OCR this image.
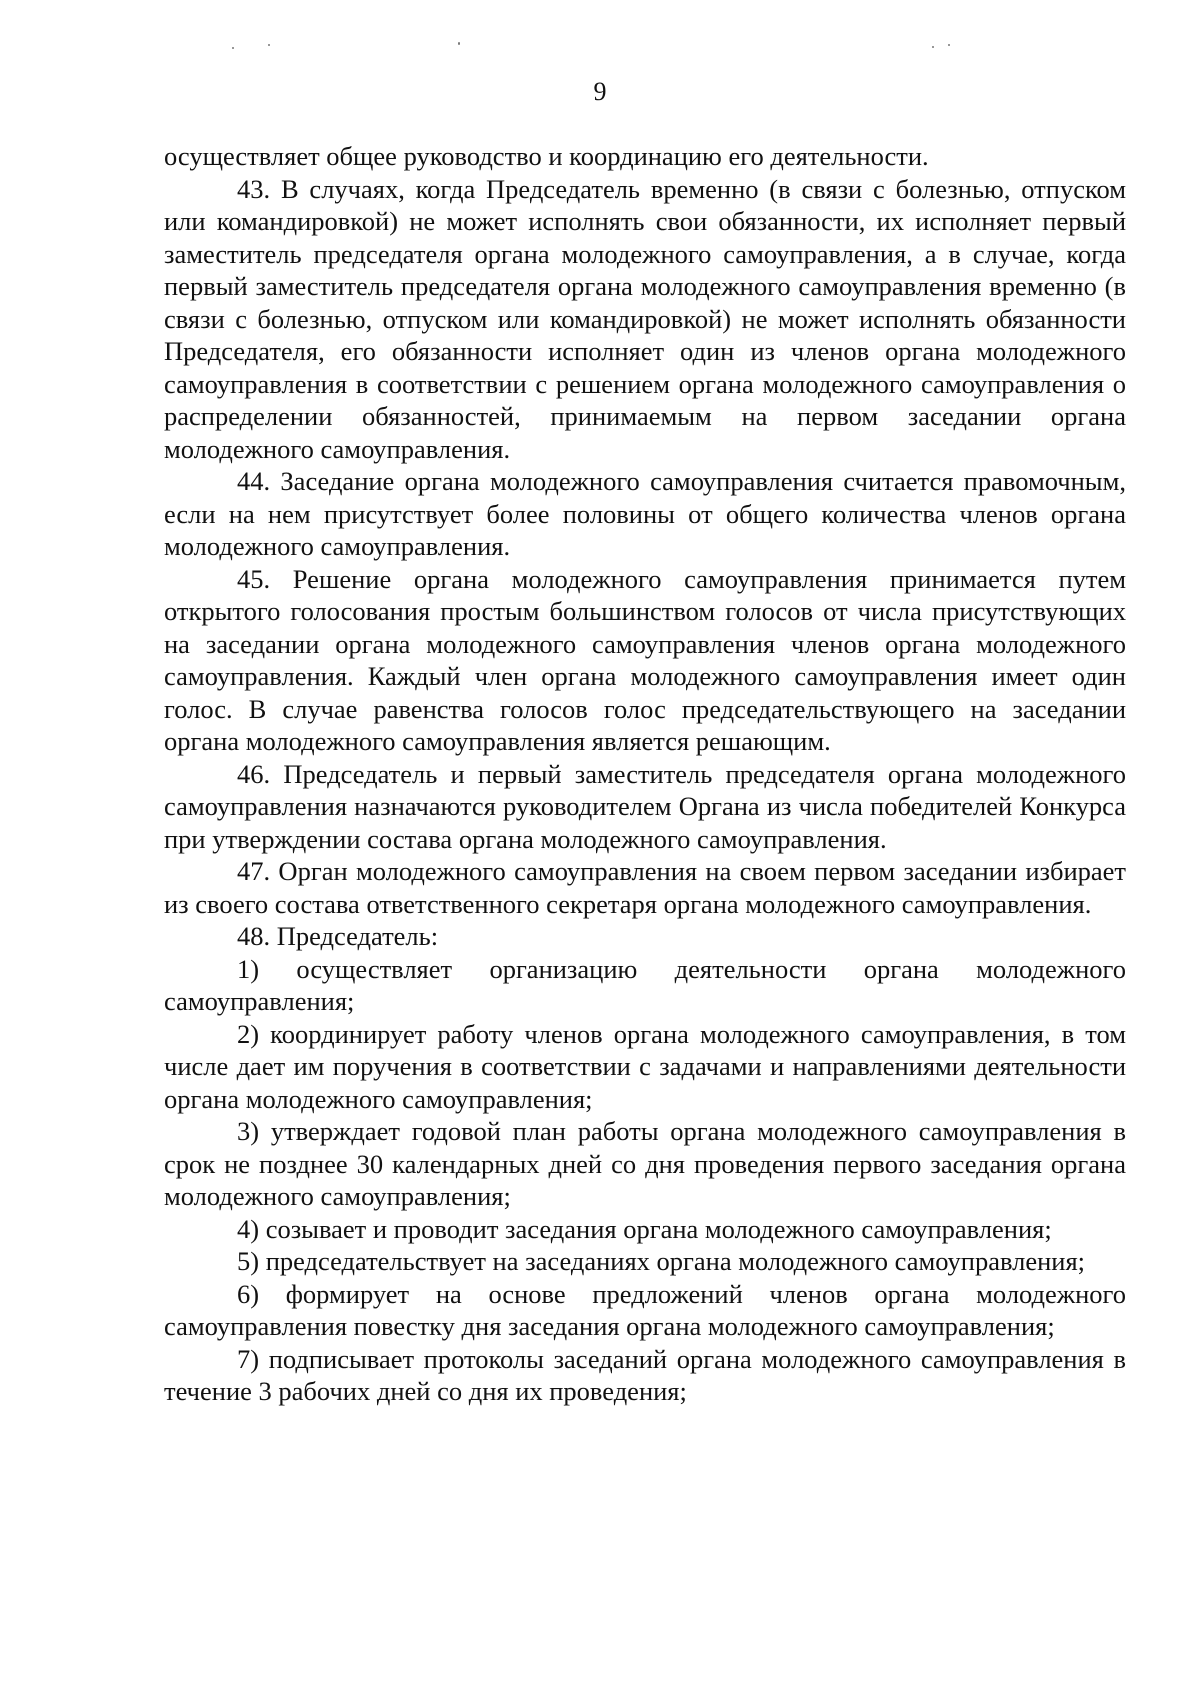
9

осуществляет общее руководство и координацию его деятельности.

43. В случаях, когда Председатель временно (в связи с болезнью, отпуском или командировкой) не может исполнять свои обязанности, их исполняет первый заместитель председателя органа молодежного самоуправления, а в случае, когда первый заместитель председателя органа молодежного самоуправления временно (в связи с болезнью, отпуском или командировкой) не может исполнять обязанности Председателя, его обязанности исполняет один из членов органа молодежного самоуправления в соответствии с решением органа молодежного самоуправления о распределении обязанностей, принимаемым на первом заседании органа молодежного самоуправления.

44. Заседание органа молодежного самоуправления считается правомочным, если на нем присутствует более половины от общего количества членов органа молодежного самоуправления.

45. Решение органа молодежного самоуправления принимается путем открытого голосования простым большинством голосов от числа присутствующих на заседании органа молодежного самоуправления членов органа молодежного самоуправления. Каждый член органа молодежного самоуправления имеет один голос. В случае равенства голосов голос председательствующего на заседании органа молодежного самоуправления является решающим.

46. Председатель и первый заместитель председателя органа молодежного самоуправления назначаются руководителем Органа из числа победителей Конкурса при утверждении состава органа молодежного самоуправления.

47. Орган молодежного самоуправления на своем первом заседании избирает из своего состава ответственного секретаря органа молодежного самоуправления.

48. Председатель:

1) осуществляет организацию деятельности органа молодежного самоуправления;

2) координирует работу членов органа молодежного самоуправления, в том числе дает им поручения в соответствии с задачами и направлениями деятельности органа молодежного самоуправления;

3) утверждает годовой план работы органа молодежного самоуправления в срок не позднее 30 календарных дней со дня проведения первого заседания органа молодежного самоуправления;

4) созывает и проводит заседания органа молодежного самоуправления;

5) председательствует на заседаниях органа молодежного самоуправления;

6) формирует на основе предложений членов органа молодежного самоуправления повестку дня заседания органа молодежного самоуправления;

7) подписывает протоколы заседаний органа молодежного самоуправления в течение 3 рабочих дней со дня их проведения;
